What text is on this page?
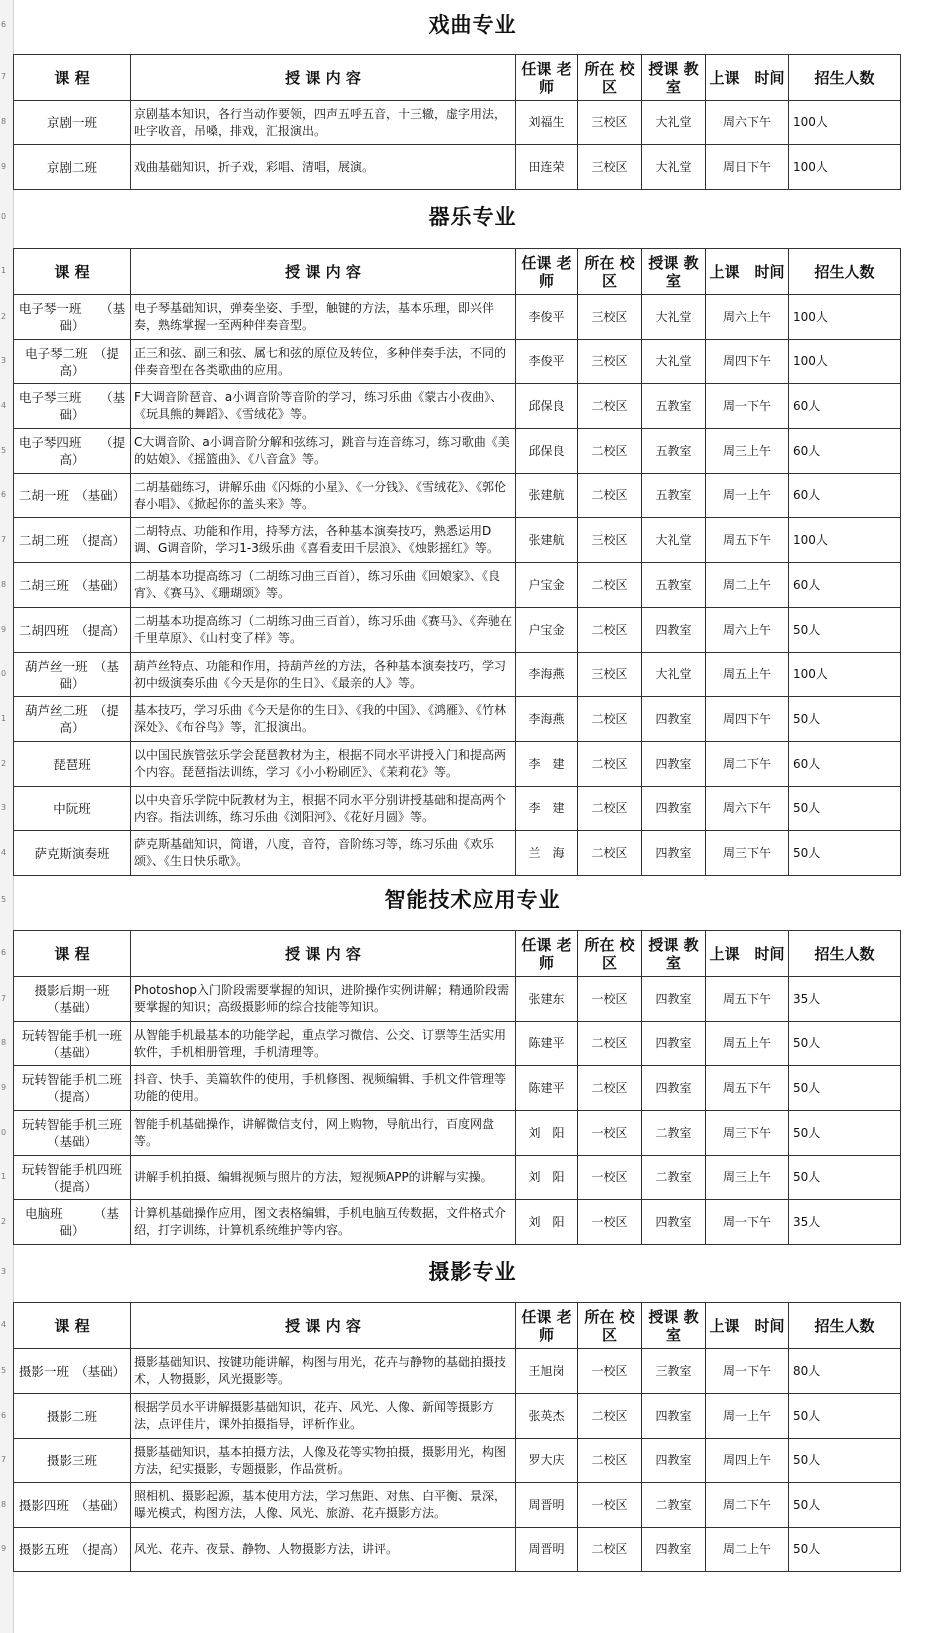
戏曲专业
课 程	授 课 内 容	任课 老师	所在 校区	授课 教室	上课　时间	招生人数
京剧一班	京剧基本知识，各行当动作要领，四声五呼五音，十三辙，虚字用法，吐字收音，吊嗓，排戏，汇报演出。	刘福生	三校区	大礼堂	周六下午	100人
京剧二班	戏曲基础知识，折子戏，彩唱、清唱，展演。	田连荣	三校区	大礼堂	周日下午	100人
器乐专业
课 程	授 课 内 容	任课 老师	所在 校区	授课 教室	上课　时间	招生人数
电子琴一班　　（基础）	电子琴基础知识，弹奏坐姿、手型，触键的方法，基本乐理，即兴伴奏，熟练掌握一至两种伴奏音型。	李俊平	三校区	大礼堂	周六上午	100人
电子琴二班　（提高）	正三和弦、副三和弦、属七和弦的原位及转位，多种伴奏手法，不同的伴奏音型在各类歌曲的应用。	李俊平	三校区	大礼堂	周四下午	100人
电子琴三班　　（基础）	F大调音阶琶音、a小调音阶等音阶的学习，练习乐曲《蒙古小夜曲》、《玩具熊的舞蹈》、《雪绒花》等。	邱保良	二校区	五教室	周一下午	60人
电子琴四班　　（提高）	C大调音阶、a小调音阶分解和弦练习，跳音与连音练习，练习歌曲《美的姑娘》、《摇篮曲》、《八音盒》等。	邱保良	二校区	五教室	周三上午	60人
二胡一班　（基础）	二胡基础练习，讲解乐曲《闪烁的小星》、《一分钱》、《雪绒花》、《郭伦春小唱》、《掀起你的盖头来》等。	张建航	二校区	五教室	周一上午	60人
二胡二班　（提高）	二胡特点、功能和作用，持琴方法，各种基本演奏技巧，熟悉运用D调、G调音阶，学习1-3级乐曲《喜看麦田千层浪》、《烛影摇红》等。	张建航	三校区	大礼堂	周五下午	100人
二胡三班　（基础）	二胡基本功提高练习（二胡练习曲三百首），练习乐曲《回娘家》、《良宵》、《赛马》、《珊瑚颂》等。	户宝金	二校区	五教室	周二上午	60人
二胡四班　（提高）	二胡基本功提高练习（二胡练习曲三百首），练习乐曲《赛马》、《奔驰在千里草原》、《山村变了样》等。	户宝金	二校区	四教室	周六上午	50人
葫芦丝一班　（基础）	葫芦丝特点、功能和作用，持葫芦丝的方法，各种基本演奏技巧，学习初中级演奏乐曲《今天是你的生日》、《最亲的人》等。	李海燕	三校区	大礼堂	周五上午	100人
葫芦丝二班　（提高）	基本技巧，学习乐曲《今天是你的生日》、《我的中国》、《鸿雁》、《竹林深处》、《布谷鸟》等，汇报演出。	李海燕	二校区	四教室	周四下午	50人
琵琶班	以中国民族管弦乐学会琵琶教材为主，根据不同水平讲授入门和提高两个内容。琵琶指法训练，学习《小小粉刷匠》、《茉莉花》等。	李　建	二校区	四教室	周二下午	60人
中阮班	以中央音乐学院中阮教材为主，根据不同水平分别讲授基础和提高两个内容。指法训练，练习乐曲《浏阳河》、《花好月圆》等。	李　建	二校区	四教室	周六下午	50人
萨克斯演奏班	萨克斯基础知识，简谱，八度，音符，音阶练习等，练习乐曲《欢乐颂》、《生日快乐歌》。	兰　海	二校区	四教室	周三下午	50人
智能技术应用专业
课 程	授 课 内 容	任课 老师	所在 校区	授课 教室	上课　时间	招生人数
摄影后期一班　　（基础）	Photoshop入门阶段需要掌握的知识，进阶操作实例讲解；精通阶段需要掌握的知识；高级摄影师的综合技能等知识。	张建东	一校区	四教室	周五下午	35人
玩转智能手机一班（基础）	从智能手机最基本的功能学起，重点学习微信、公交、订票等生活实用软件，手机相册管理，手机清理等。	陈建平	二校区	四教室	周五上午	50人
玩转智能手机二班（提高）	抖音、快手、美篇软件的使用，手机修图、视频编辑、手机文件管理等功能的使用。	陈建平	二校区	四教室	周五下午	50人
玩转智能手机三班（基础）	智能手机基础操作，讲解微信支付，网上购物，导航出行，百度网盘等。	刘　阳	一校区	二教室	周三下午	50人
玩转智能手机四班（提高）	讲解手机拍摄、编辑视频与照片的方法，短视频APP的讲解与实操。	刘　阳	一校区	二教室	周三上午	50人
电脑班　　　（基础）	计算机基础操作应用，图文表格编辑，手机电脑互传数据，文件格式介绍，打字训练，计算机系统维护等内容。	刘　阳	一校区	四教室	周一下午	35人
摄影专业
课 程	授 课 内 容	任课 老师	所在 校区	授课 教室	上课　时间	招生人数
摄影一班　（基础）	摄影基础知识、按键功能讲解，构图与用光，花卉与静物的基础拍摄技术，人物摄影，风光摄影等。	王旭岗	一校区	三教室	周一下午	80人
摄影二班	根据学员水平讲解摄影基础知识，花卉、风光、人像、新闻等摄影方法，点评佳片，课外拍摄指导，评析作业。	张英杰	二校区	四教室	周一上午	50人
摄影三班	摄影基础知识，基本拍摄方法，人像及花等实物拍摄，摄影用光，构图方法，纪实摄影，专题摄影，作品赏析。	罗大庆	二校区	四教室	周四上午	50人
摄影四班　（基础）	照相机、摄影起源，基本使用方法，学习焦距、对焦、白平衡、景深，曝光模式，构图方法，人像、风光、旅游、花卉摄影方法。	周晋明	一校区	二教室	周二下午	50人
摄影五班　（提高）	风光、花卉、夜景、静物、人物摄影方法，讲评。	周晋明	二校区	四教室	周二上午	50人
6
7
8
9
0
1
2
3
4
5
6
7
8
9
0
1
2
3
4
5
6
7
8
9
0
1
2
3
4
5
6
7
8
9
